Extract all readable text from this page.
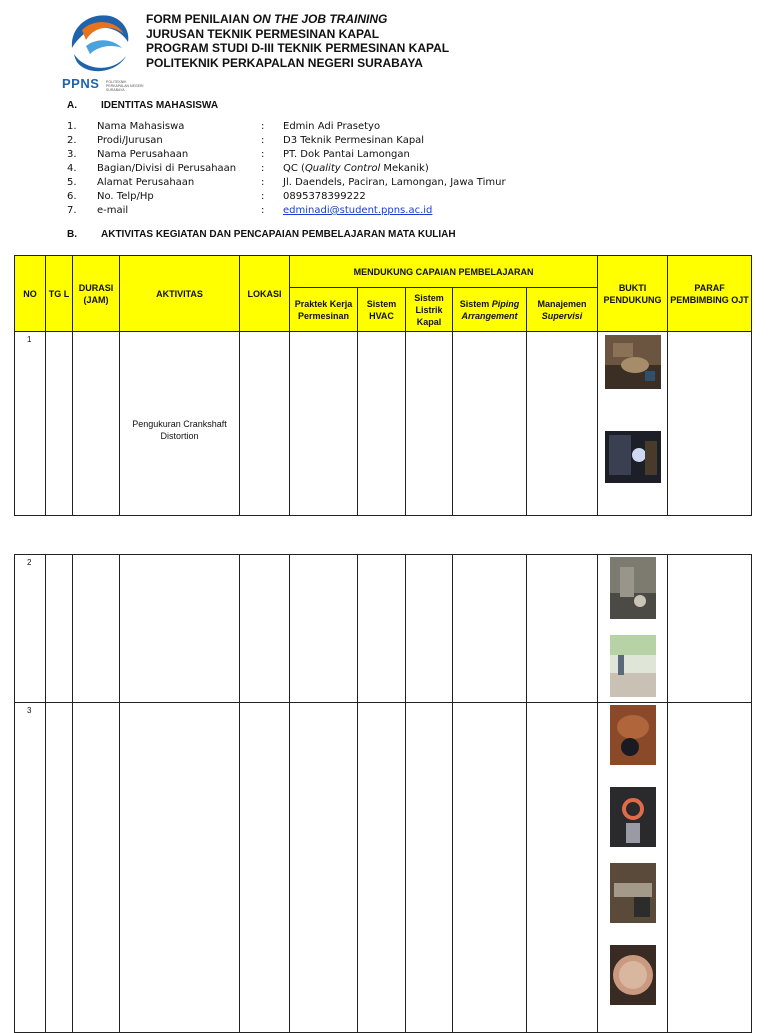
PPNS POLITEKNIK PERKAPALAN NEGERI SURABAYA
FORM PENILAIAN ON THE JOB TRAINING
JURUSAN TEKNIK PERMESINAN KAPAL
PROGRAM STUDI D-III TEKNIK PERMESINAN KAPAL
POLITEKNIK PERKAPALAN NEGERI SURABAYA
A. IDENTITAS MAHASISWA
1. Nama Mahasiswa	: Edmin Adi Prasetyo
2. Prodi/Jurusan	: D3 Teknik Permesinan Kapal
3. Nama Perusahaan	: PT. Dok Pantai Lamongan
4. Bagian/Divisi di Perusahaan : QC (Quality Control Mekanik)
5. Alamat Perusahaan	: Jl. Daendels, Paciran, Lamongan, Jawa Timur
6. No. Telp/Hp	: 0895378399222
7. e-mail	: edminadi@student.ppns.ac.id
B. AKTIVITAS KEGIATAN DAN PENCAPAIAN PEMBELAJARAN MATA KULIAH
NO	TG L	DURASI (JAM)	AKTIVITAS	LOKASI	MENDUKUNG CAPAIAN PEMBELAJARAN					BUKTI PENDUKUNG	PARAF PEMBIMBING OJT
					Praktek Kerja Permesinan	Sistem HVAC	Sistem Listrik Kapal	Sistem Piping Arrangement	Manajemen Supervisi		
1			Pengukuran Crankshaft Distortion

2										

3										
